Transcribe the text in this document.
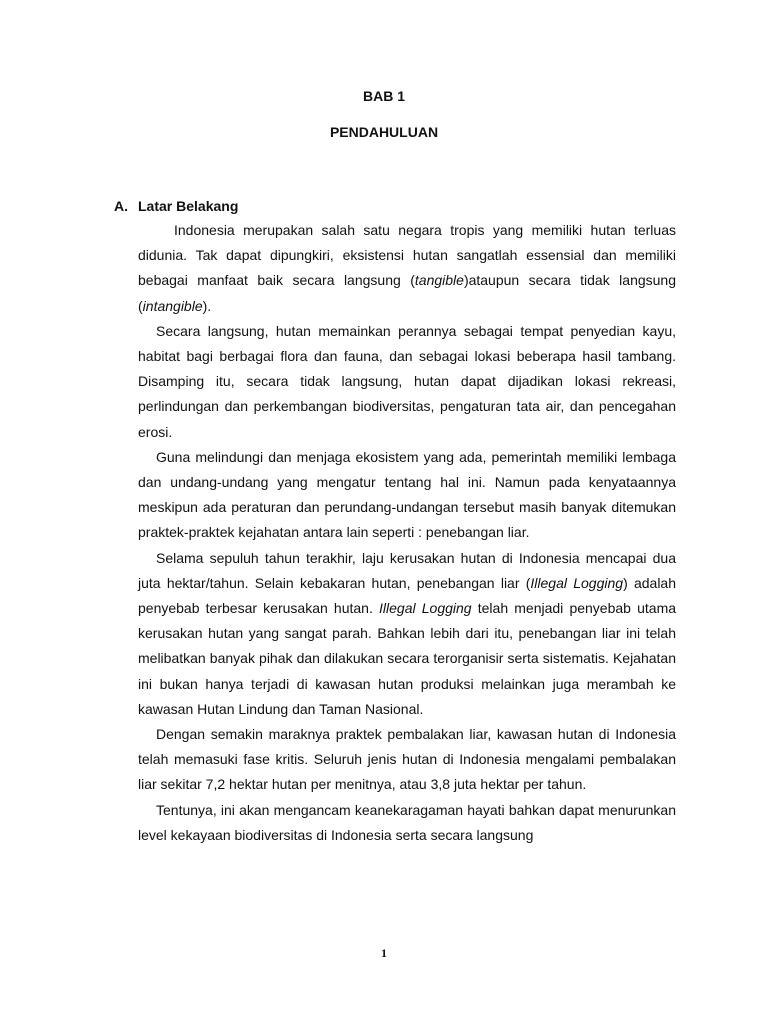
BAB 1
PENDAHULUAN
A. Latar Belakang

Indonesia merupakan salah satu negara tropis yang memiliki hutan terluas didunia. Tak dapat dipungkiri, eksistensi hutan sangatlah essensial dan memiliki bebagai manfaat baik secara langsung (tangible)ataupun secara tidak langsung (intangible).

Secara langsung, hutan memainkan perannya sebagai tempat penyedian kayu, habitat bagi berbagai flora dan fauna, dan sebagai lokasi beberapa hasil tambang. Disamping itu, secara tidak langsung, hutan dapat dijadikan lokasi rekreasi, perlindungan dan perkembangan biodiversitas, pengaturan tata air, dan pencegahan erosi.

Guna melindungi dan menjaga ekosistem yang ada, pemerintah memiliki lembaga dan undang-undang yang mengatur tentang hal ini. Namun pada kenyataannya meskipun ada peraturan dan perundang-undangan tersebut masih banyak ditemukan praktek-praktek kejahatan antara lain seperti : penebangan liar.

Selama sepuluh tahun terakhir, laju kerusakan hutan di Indonesia mencapai dua juta hektar/tahun. Selain kebakaran hutan, penebangan liar (Illegal Logging) adalah penyebab terbesar kerusakan hutan. Illegal Logging telah menjadi penyebab utama kerusakan hutan yang sangat parah. Bahkan lebih dari itu, penebangan liar ini telah melibatkan banyak pihak dan dilakukan secara terorganisir serta sistematis. Kejahatan ini bukan hanya terjadi di kawasan hutan produksi melainkan juga merambah ke kawasan Hutan Lindung dan Taman Nasional.

Dengan semakin maraknya praktek pembalakan liar, kawasan hutan di Indonesia telah memasuki fase kritis. Seluruh jenis hutan di Indonesia mengalami pembalakan liar sekitar 7,2 hektar hutan per menitnya, atau 3,8 juta hektar per tahun.

Tentunya, ini akan mengancam keanekaragaman hayati bahkan dapat menurunkan level kekayaan biodiversitas di Indonesia serta secara langsung

1
